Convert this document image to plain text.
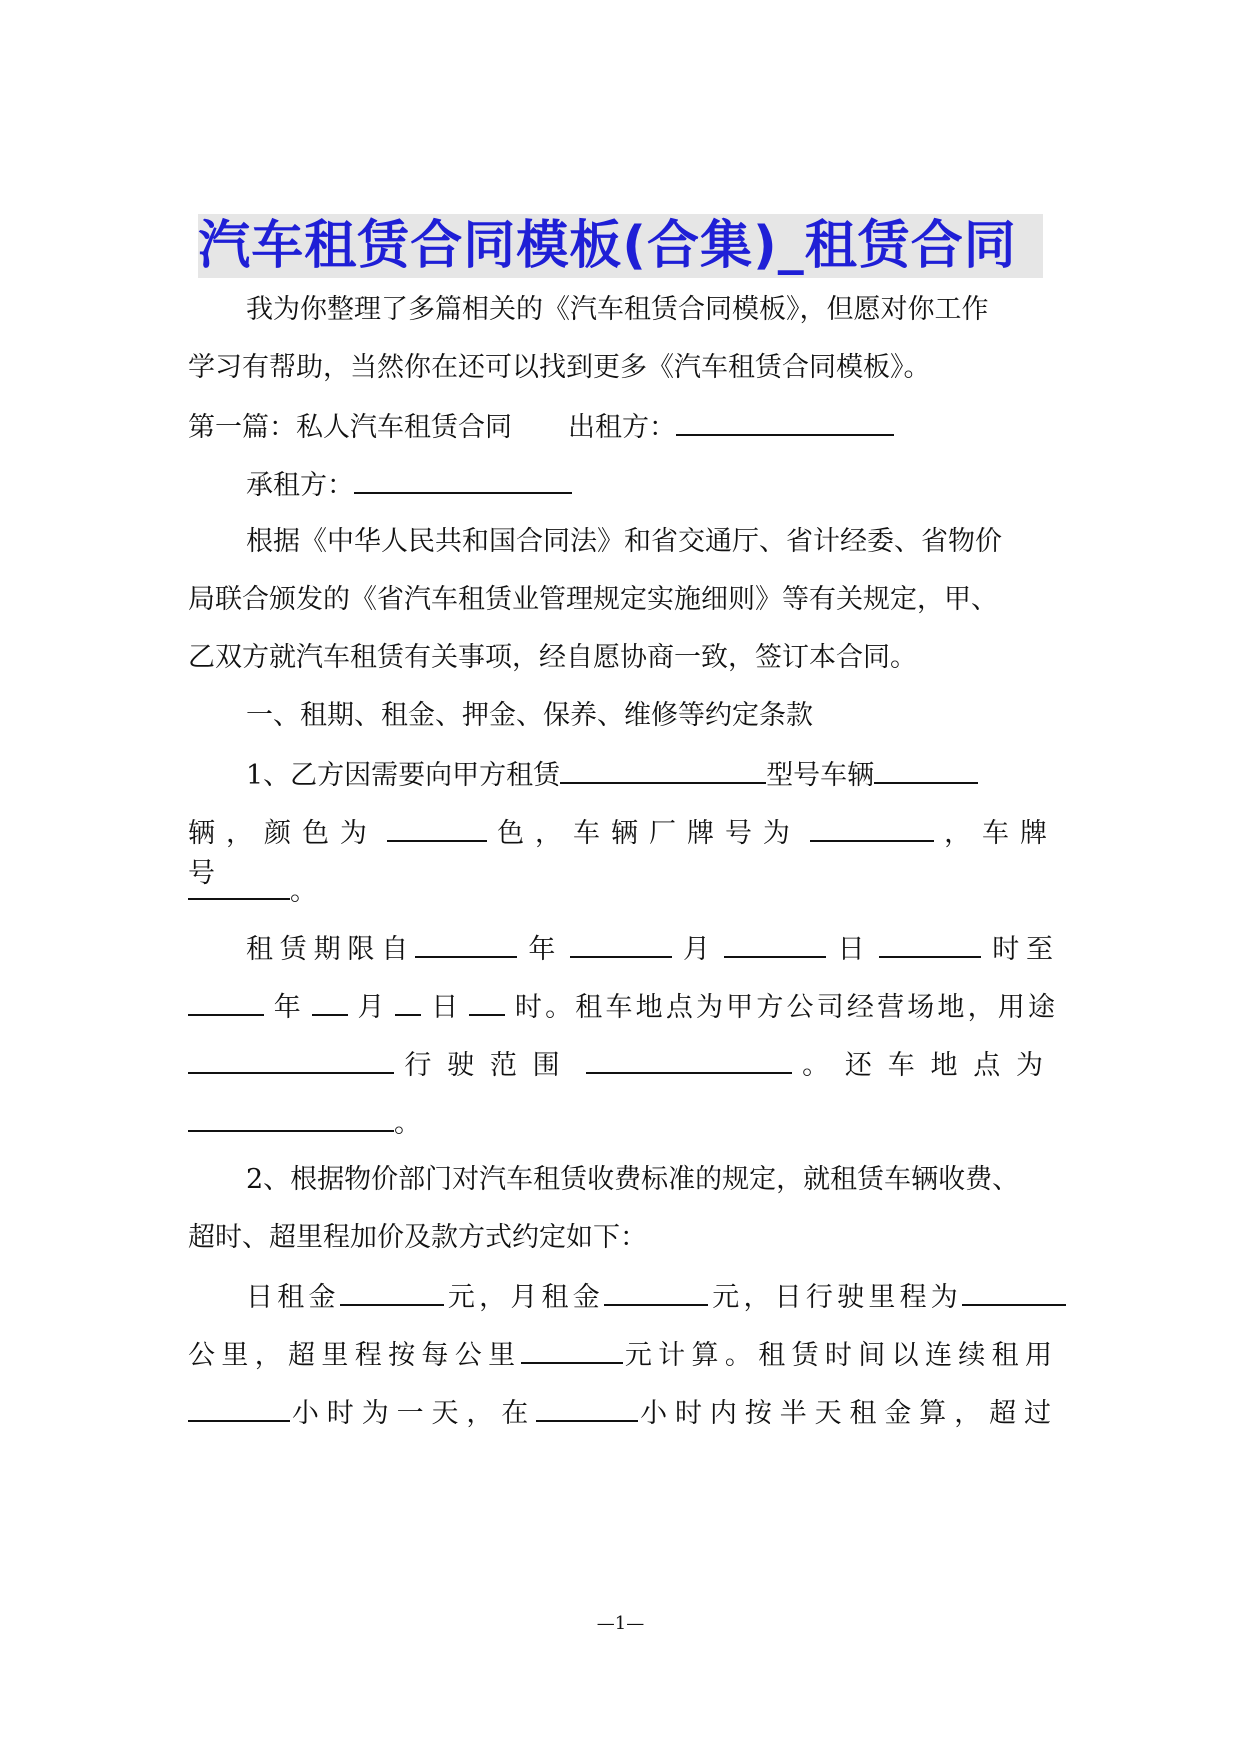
汽车租赁合同模板(合集)_租赁合同
我为你整理了多篇相关的《汽车租赁合同模板》，但愿对你工作
学习有帮助，当然你在还可以找到更多《汽车租赁合同模板》。
第一篇：私人汽车租赁合同 出租方：
承租方：
根据《中华人民共和国合同法》和省交通厅、省计经委、省物价
局联合颁发的《省汽车租赁业管理规定实施细则》等有关规定，甲、
乙双方就汽车租赁有关事项，经自愿协商一致，签订本合同。
一、租期、租金、押金、保养、维修等约定条款
1、乙方因需要向甲方租赁	型号车辆
辆，颜色为	色，车辆厂牌号为	，车牌号
。
租赁期限自	年	月	日	时至
年 月 日 时。租车地点为甲方公司经营场地，用途
行驶范围	。还车地点为
。
2、根据物价部门对汽车租赁收费标准的规定，就租赁车辆收费、
超时、超里程加价及款方式约定如下：
日租金	元，月租金	元，日行驶里程为
公里，超里程按每公里	元计算。租赁时间以连续租用
小时为一天，在	小时内按半天租金算，超过
—1—
